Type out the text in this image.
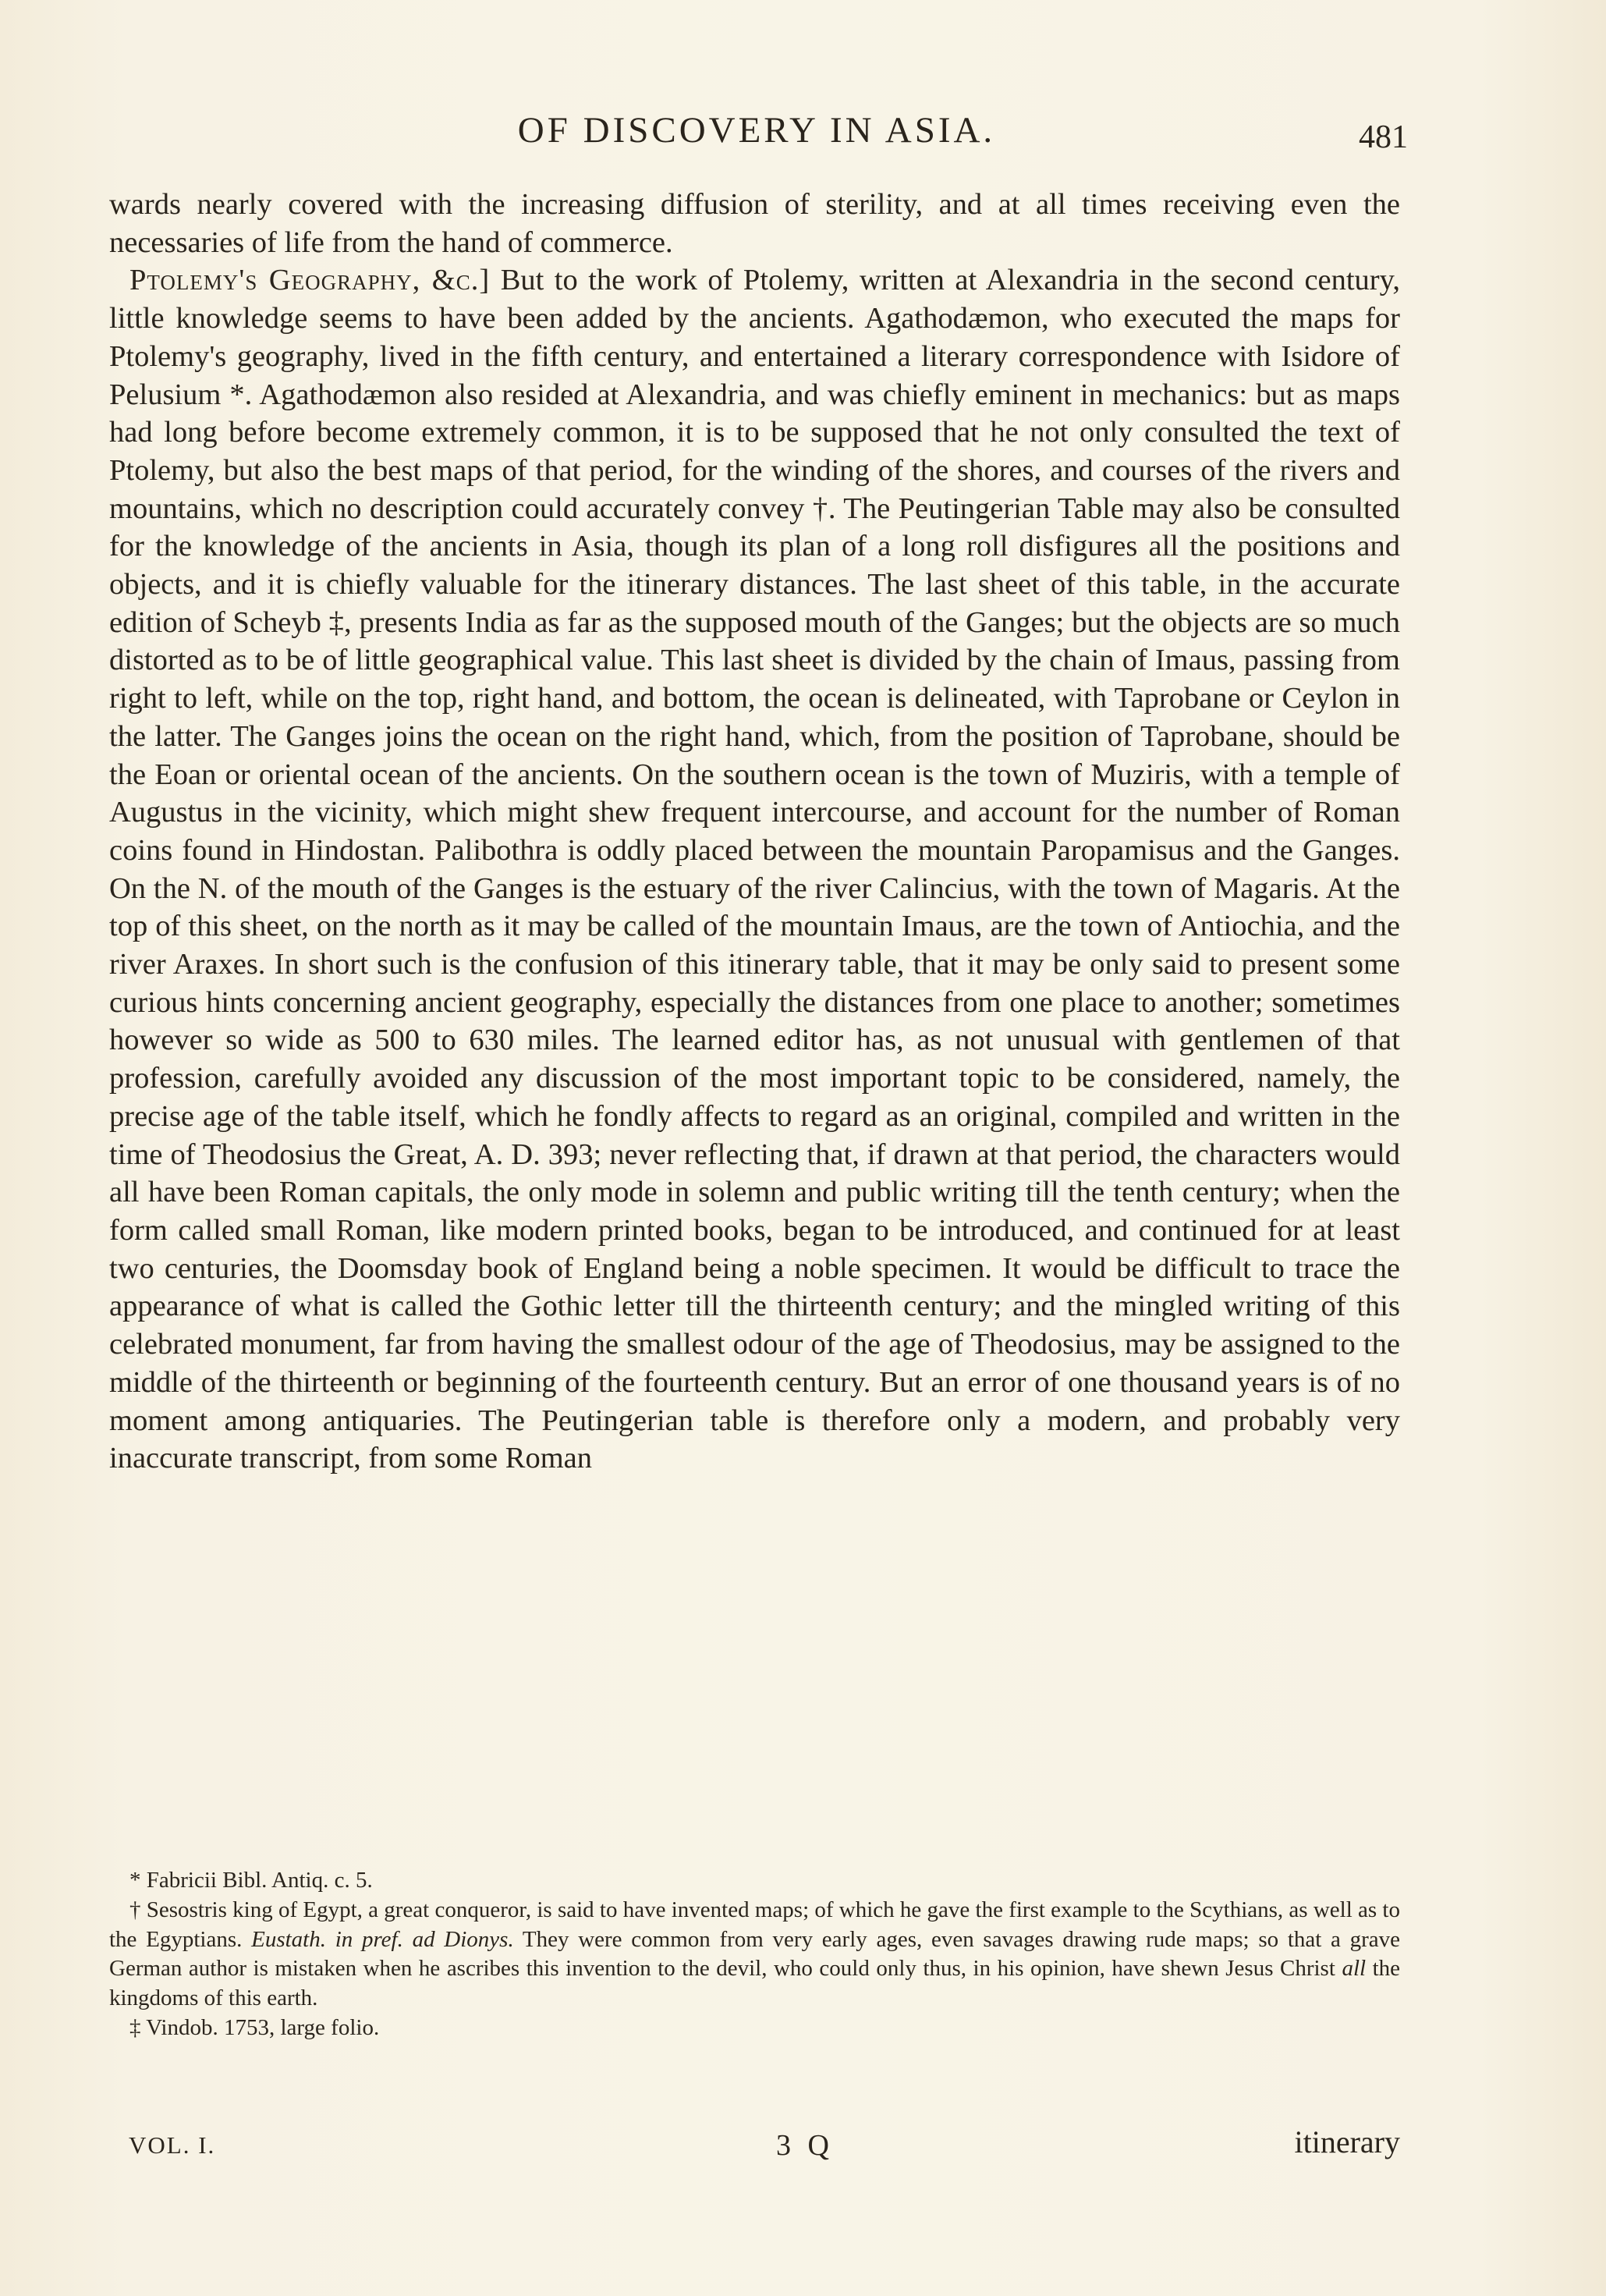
OF DISCOVERY IN ASIA.	481

wards nearly covered with the increasing diffusion of sterility, and at all times receiving even the necessaries of life from the hand of commerce.

Ptolemy's Geography, &c.] But to the work of Ptolemy, written at Alexandria in the second century, little knowledge seems to have been added by the ancients. Agathodæmon, who executed the maps for Ptolemy's geography, lived in the fifth century, and entertained a literary correspondence with Isidore of Pelusium *. Agathodæmon also resided at Alexandria, and was chiefly eminent in mechanics: but as maps had long before become extremely common, it is to be supposed that he not only consulted the text of Ptolemy, but also the best maps of that period, for the winding of the shores, and courses of the rivers and mountains, which no description could accurately convey †. The Peutingerian Table may also be consulted for the knowledge of the ancients in Asia, though its plan of a long roll disfigures all the positions and objects, and it is chiefly valuable for the itinerary distances. The last sheet of this table, in the accurate edition of Scheyb ‡, presents India as far as the supposed mouth of the Ganges; but the objects are so much distorted as to be of little geographical value. This last sheet is divided by the chain of Imaus, passing from right to left, while on the top, right hand, and bottom, the ocean is delineated, with Taprobane or Ceylon in the latter. The Ganges joins the ocean on the right hand, which, from the position of Taprobane, should be the Eoan or oriental ocean of the ancients. On the southern ocean is the town of Muziris, with a temple of Augustus in the vicinity, which might shew frequent intercourse, and account for the number of Roman coins found in Hindostan. Palibothra is oddly placed between the mountain Paropamisus and the Ganges. On the N. of the mouth of the Ganges is the estuary of the river Calincius, with the town of Magaris. At the top of this sheet, on the north as it may be called of the mountain Imaus, are the town of Antiochia, and the river Araxes. In short such is the confusion of this itinerary table, that it may be only said to present some curious hints concerning ancient geography, especially the distances from one place to another; sometimes however so wide as 500 to 630 miles. The learned editor has, as not unusual with gentlemen of that profession, carefully avoided any discussion of the most important topic to be considered, namely, the precise age of the table itself, which he fondly affects to regard as an original, compiled and written in the time of Theodosius the Great, A. D. 393; never reflecting that, if drawn at that period, the characters would all have been Roman capitals, the only mode in solemn and public writing till the tenth century; when the form called small Roman, like modern printed books, began to be introduced, and continued for at least two centuries, the Doomsday book of England being a noble specimen. It would be difficult to trace the appearance of what is called the Gothic letter till the thirteenth century; and the mingled writing of this celebrated monument, far from having the smallest odour of the age of Theodosius, may be assigned to the middle of the thirteenth or beginning of the fourteenth century. But an error of one thousand years is of no moment among antiquaries. The Peutingerian table is therefore only a modern, and probably very inaccurate transcript, from some Roman

* Fabricii Bibl. Antiq. c. 5.

† Sesostris king of Egypt, a great conqueror, is said to have invented maps; of which he gave the first example to the Scythians, as well as to the Egyptians. Eustath. in pref. ad Dionys. They were common from very early ages, even savages drawing rude maps; so that a grave German author is mistaken when he ascribes this invention to the devil, who could only thus, in his opinion, have shewn Jesus Christ all the kingdoms of this earth.

‡ Vindob. 1753, large folio.

VOL. I.	3 Q	itinerary
